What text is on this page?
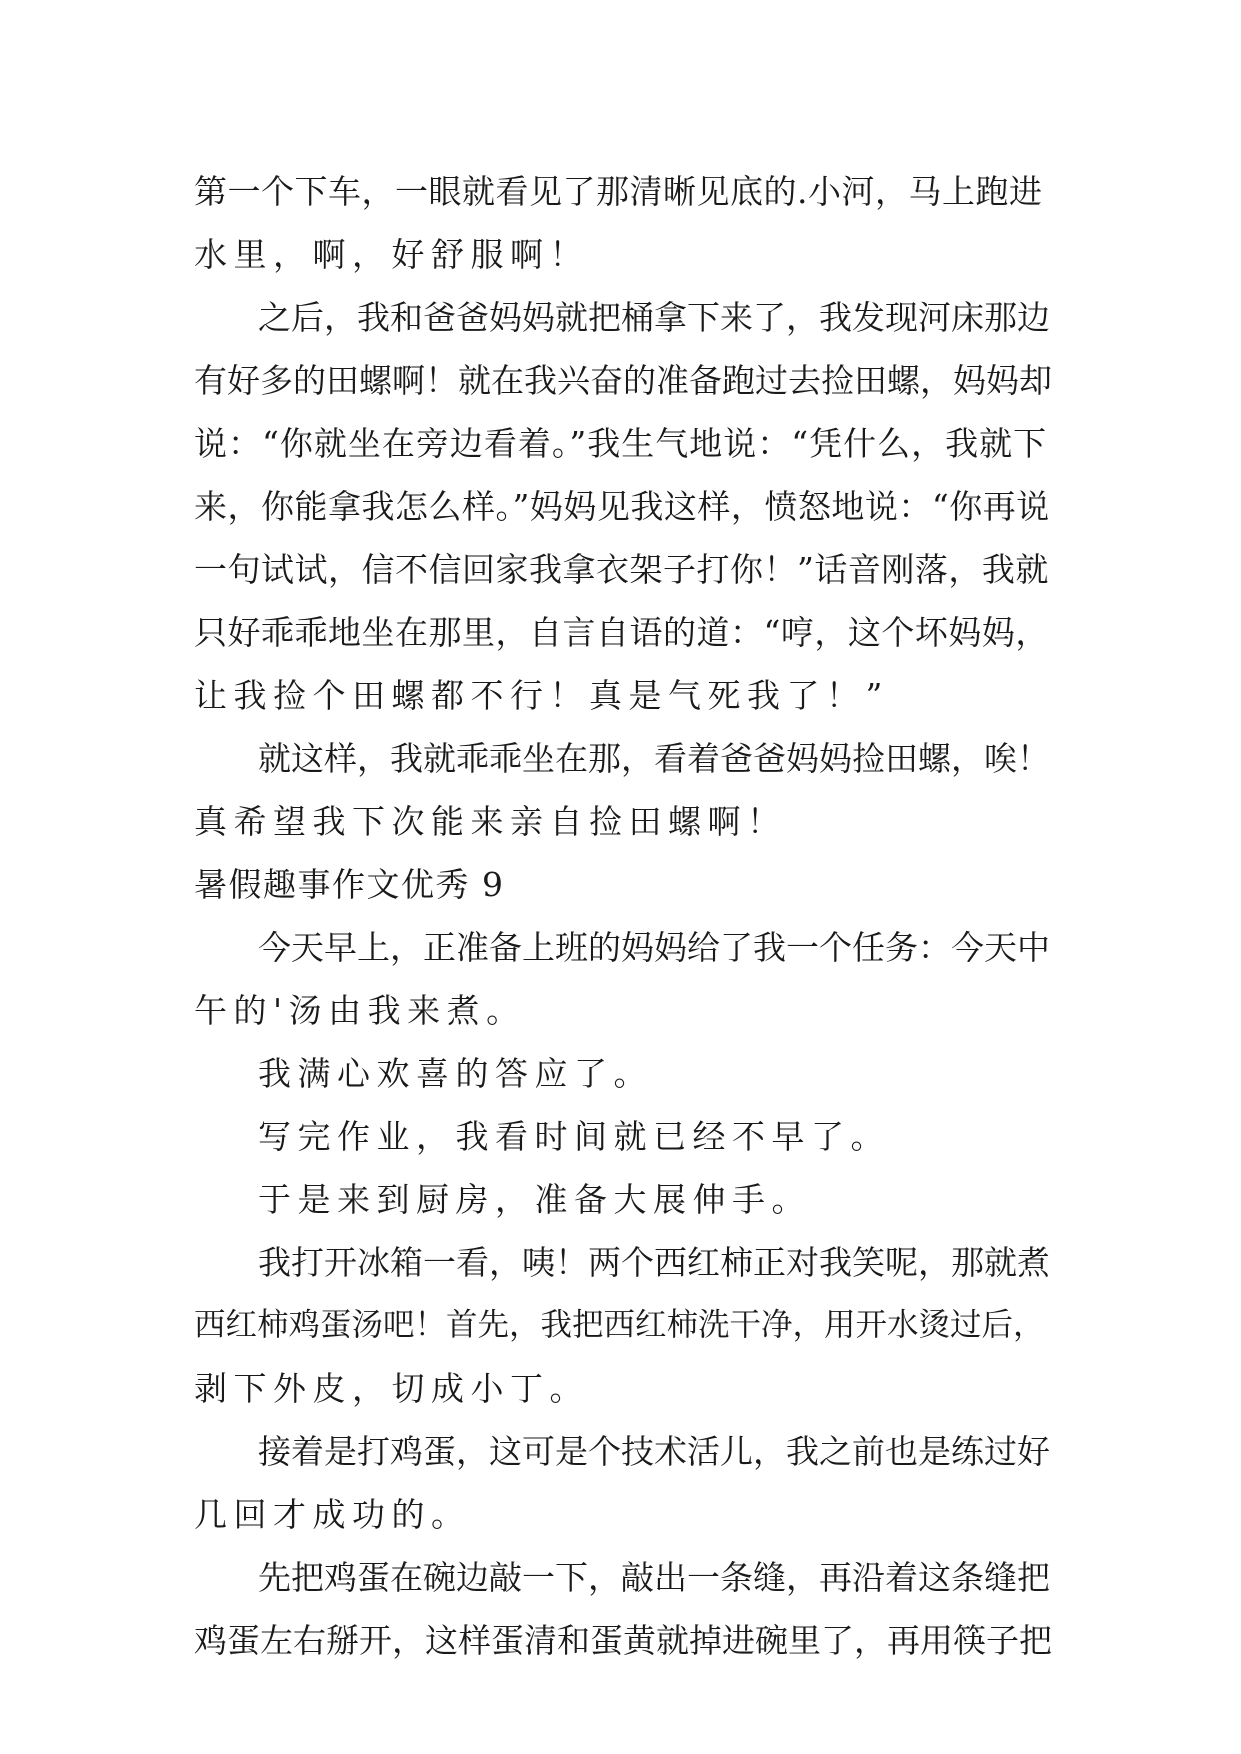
第一个下车，一眼就看见了那清晰见底的.小河，马上跑进
水里，啊，好舒服啊！
之后，我和爸爸妈妈就把桶拿下来了，我发现河床那边
有好多的田螺啊！就在我兴奋的准备跑过去捡田螺，妈妈却
说：“你就坐在旁边看着。”我生气地说：“凭什么，我就下
来，你能拿我怎么样。”妈妈见我这样，愤怒地说：“你再说
一句试试，信不信回家我拿衣架子打你！”话音刚落，我就
只好乖乖地坐在那里，自言自语的道：“哼，这个坏妈妈，
让我捡个田螺都不行！真是气死我了！”
就这样，我就乖乖坐在那，看着爸爸妈妈捡田螺，唉！
真希望我下次能来亲自捡田螺啊！
暑假趣事作文优秀 9
今天早上，正准备上班的妈妈给了我一个任务：今天中
午的'汤由我来煮。
我满心欢喜的答应了。
写完作业，我看时间就已经不早了。
于是来到厨房，准备大展伸手。
我打开冰箱一看，咦！两个西红柿正对我笑呢，那就煮
西红柿鸡蛋汤吧！首先，我把西红柿洗干净，用开水烫过后，
剥下外皮，切成小丁。
接着是打鸡蛋，这可是个技术活儿，我之前也是练过好
几回才成功的。
先把鸡蛋在碗边敲一下，敲出一条缝，再沿着这条缝把
鸡蛋左右掰开，这样蛋清和蛋黄就掉进碗里了，再用筷子把
